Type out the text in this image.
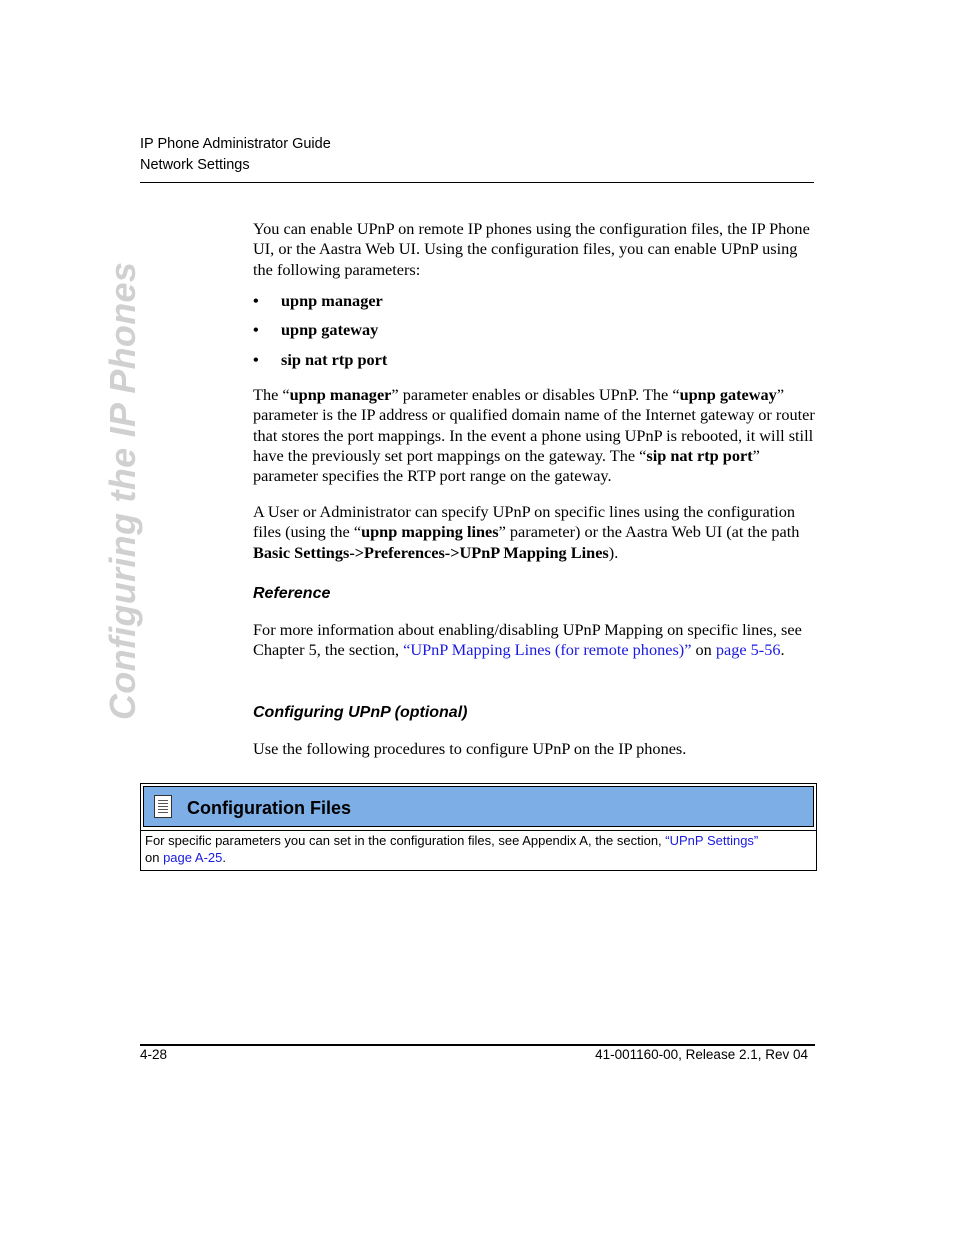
IP Phone Administrator Guide
Network Settings
Configuring the IP Phones
You can enable UPnP on remote IP phones using the configuration files, the IP Phone UI, or the Aastra Web UI. Using the configuration files, you can enable UPnP using the following parameters:
• upnp manager
• upnp gateway
• sip nat rtp port
The “upnp manager” parameter enables or disables UPnP. The “upnp gateway” parameter is the IP address or qualified domain name of the Internet gateway or router that stores the port mappings. In the event a phone using UPnP is rebooted, it will still have the previously set port mappings on the gateway. The “sip nat rtp port” parameter specifies the RTP port range on the gateway.
A User or Administrator can specify UPnP on specific lines using the configuration files (using the “upnp mapping lines” parameter) or the Aastra Web UI (at the path Basic Settings->Preferences->UPnP Mapping Lines).
Reference
For more information about enabling/disabling UPnP Mapping on specific lines, see Chapter 5, the section, “UPnP Mapping Lines (for remote phones)” on page 5-56.
Configuring UPnP (optional)
Use the following procedures to configure UPnP on the IP phones.
Configuration Files
For specific parameters you can set in the configuration files, see Appendix A, the section, “UPnP Settings”
on page A-25.
4-28	41-001160-00, Release 2.1, Rev 04
